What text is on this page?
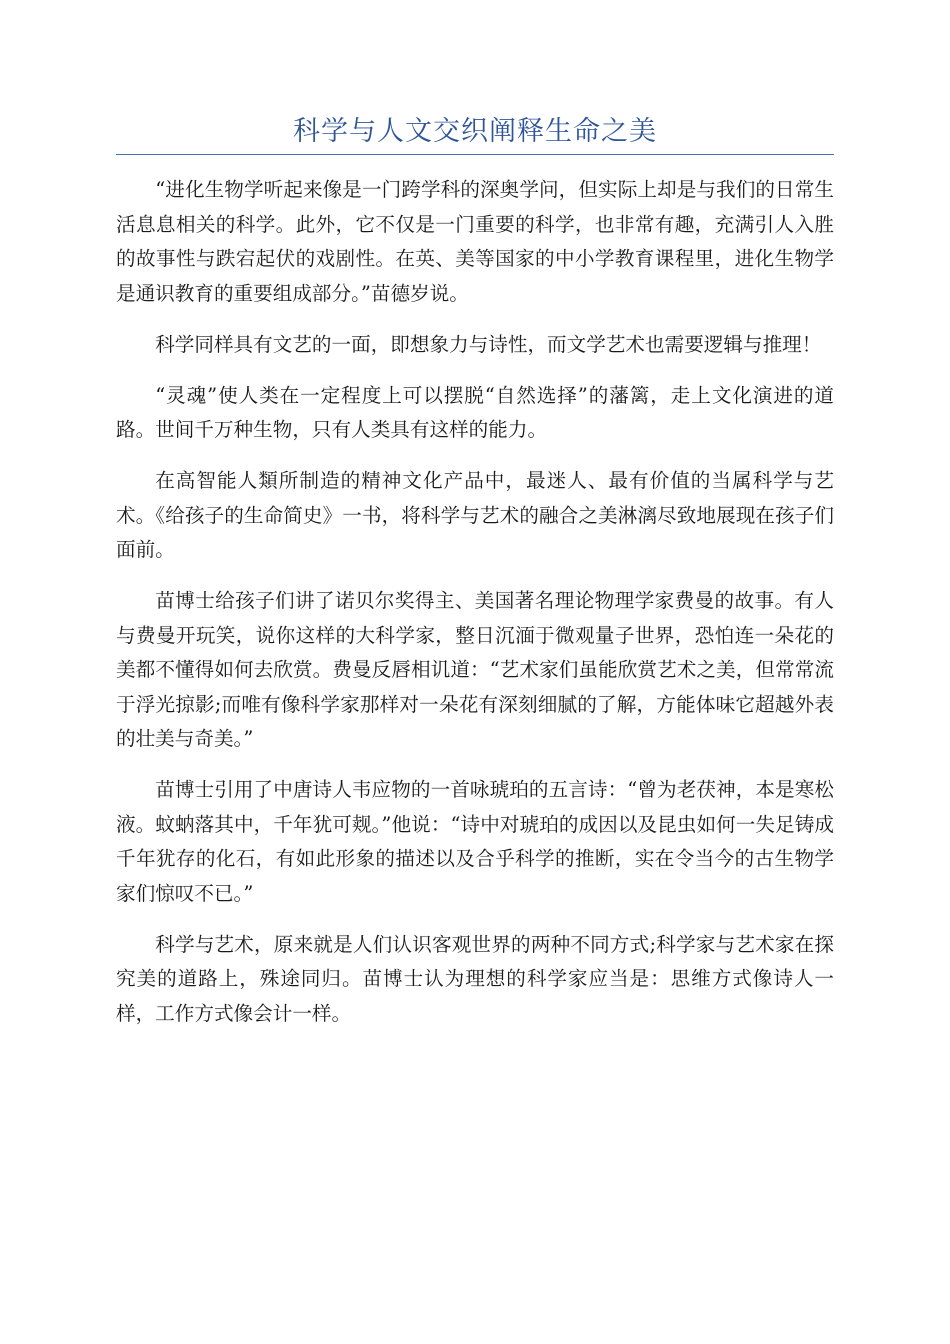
科学与人文交织阐释生命之美

“进化生物学听起来像是一门跨学科的深奥学问，但实际上却是与我们的日常生活息息相关的科学。此外，它不仅是一门重要的科学，也非常有趣，充满引人入胜的故事性与跌宕起伏的戏剧性。在英、美等国家的中小学教育课程里，进化生物学是通识教育的重要组成部分。”苗德岁说。

科学同样具有文艺的一面，即想象力与诗性，而文学艺术也需要逻辑与推理！

“灵魂”使人类在一定程度上可以摆脱“自然选择”的藩篱，走上文化演进的道路。世间千万种生物，只有人类具有这样的能力。

在高智能人類所制造的精神文化产品中，最迷人、最有价值的当属科学与艺术。《给孩子的生命简史》一书，将科学与艺术的融合之美淋漓尽致地展现在孩子们面前。

苗博士给孩子们讲了诺贝尔奖得主、美国著名理论物理学家费曼的故事。有人与费曼开玩笑，说你这样的大科学家，整日沉湎于微观量子世界，恐怕连一朵花的美都不懂得如何去欣赏。费曼反唇相讥道：“艺术家们虽能欣赏艺术之美，但常常流于浮光掠影;而唯有像科学家那样对一朵花有深刻细腻的了解，方能体味它超越外表的壮美与奇美。”

苗博士引用了中唐诗人韦应物的一首咏琥珀的五言诗：“曾为老茯神，本是寒松液。蚊蚋落其中，千年犹可觌。”他说：“诗中对琥珀的成因以及昆虫如何一失足铸成千年犹存的化石，有如此形象的描述以及合乎科学的推断，实在令当今的古生物学家们惊叹不已。”

科学与艺术，原来就是人们认识客观世界的两种不同方式;科学家与艺术家在探究美的道路上，殊途同归。苗博士认为理想的科学家应当是：思维方式像诗人一样，工作方式像会计一样。
